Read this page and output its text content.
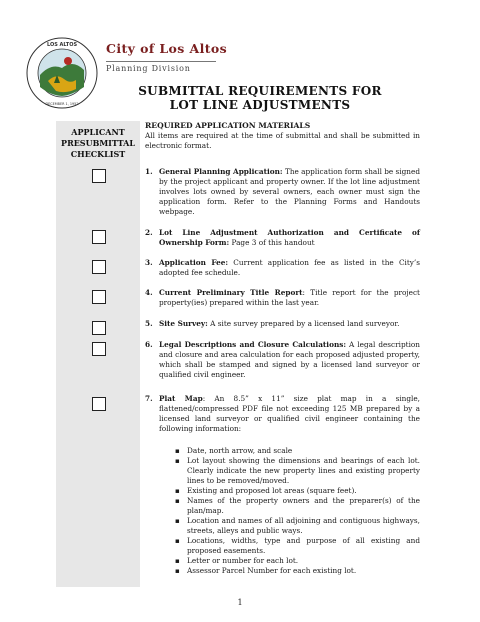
LOS ALTOS
DECEMBER 1, 1952
City of Los Altos
Planning Division
SUBMITTAL REQUIREMENTS FOR
LOT LINE ADJUSTMENTS
APPLICANT
PRESUBMITTAL
CHECKLIST
REQUIRED APPLICATION MATERIALS
All items are required at the time of submittal and shall be submitted in electronic format.
1. General Planning Application: The application form shall be signed by the project applicant and property owner. If the lot line adjustment involves lots owned by several owners, each owner must sign the application form. Refer to the Planning Forms and Handouts webpage.
2. Lot Line Adjustment Authorization and Certificate of Ownership Form: Page 3 of this handout
3. Application Fee: Current application fee as listed in the City’s adopted fee schedule.
4. Current Preliminary Title Report: Title report for the project property(ies) prepared within the last year.
5. Site Survey: A site survey prepared by a licensed land surveyor.
6. Legal Descriptions and Closure Calculations: A legal description and closure and area calculation for each proposed adjusted property, which shall be stamped and signed by a licensed land surveyor or qualified civil engineer.
7. Plat Map: An 8.5” x 11” size plat map in a single, flattened/compressed PDF file not exceeding 125 MB prepared by a licensed land surveyor or qualified civil engineer containing the following information:
▪ Date, north arrow, and scale
▪ Lot layout showing the dimensions and bearings of each lot. Clearly indicate the new property lines and existing property lines to be removed/moved.
▪ Existing and proposed lot areas (square feet).
▪ Names of the property owners and the preparer(s) of the plan/map.
▪ Location and names of all adjoining and contiguous highways, streets, alleys and public ways.
▪ Locations, widths, type and purpose of all existing and proposed easements.
▪ Letter or number for each lot.
▪ Assessor Parcel Number for each existing lot.
1
